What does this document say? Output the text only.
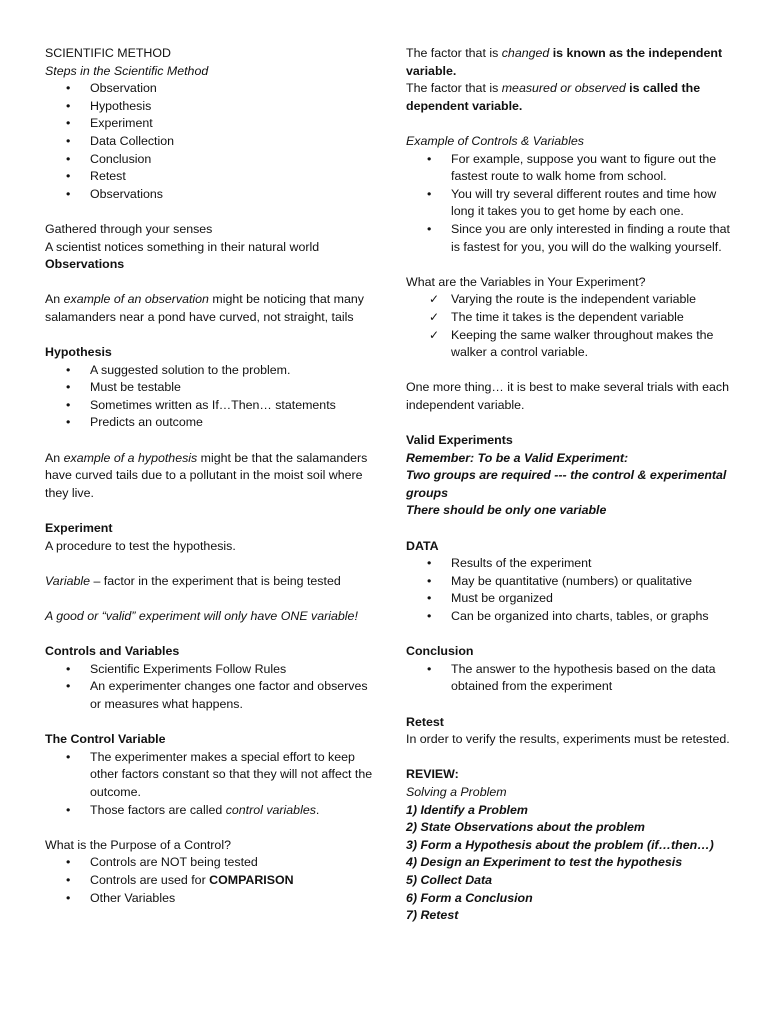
SCIENTIFIC METHOD

Steps in the Scientific Method

• Observation
• Hypothesis
• Experiment
• Data Collection
• Conclusion
• Retest
• Observations

Gathered through your senses

A scientist notices something in their natural world

Observations

An example of an observation might be noticing that many salamanders near a pond have curved, not straight, tails

Hypothesis

• A suggested solution to the problem.
• Must be testable
• Sometimes written as If…Then… statements
• Predicts an outcome

An example of a hypothesis might be that the salamanders have curved tails due to a pollutant in the moist soil where they live.

Experiment

A procedure to test the hypothesis.

Variable – factor in the experiment that is being tested

A good or “valid” experiment will only have ONE variable!

Controls and Variables

• Scientific Experiments Follow Rules
• An experimenter changes one factor and observes or measures what happens.

The Control Variable

• The experimenter makes a special effort to keep other factors constant so that they will not affect the outcome.
• Those factors are called control variables.

What is the Purpose of a Control?

• Controls are NOT being tested
• Controls are used for COMPARISON
• Other Variables

The factor that is changed is known as the independent variable.

The factor that is measured or observed is called the dependent variable.

Example of Controls & Variables

• For example, suppose you want to figure out the fastest route to walk home from school.
• You will try several different routes and time how long it takes you to get home by each one.
• Since you are only interested in finding a route that is fastest for you, you will do the walking yourself.

What are the Variables in Your Experiment?

✓ Varying the route is the independent variable
✓ The time it takes is the dependent variable
✓ Keeping the same walker throughout makes the walker a control variable.

One more thing… it is best to make several trials with each independent variable.

Valid Experiments

Remember: To be a Valid Experiment:

Two groups are required --- the control & experimental groups

There should be only one variable

DATA

• Results of the experiment
• May be quantitative (numbers) or qualitative
• Must be organized
• Can be organized into charts, tables, or graphs

Conclusion

• The answer to the hypothesis based on the data obtained from the experiment

Retest

In order to verify the results, experiments must be retested.

REVIEW:

Solving a Problem

1) Identify a Problem

2) State Observations about the problem

3) Form a Hypothesis about the problem (if…then…)

4) Design an Experiment to test the hypothesis

5) Collect Data

6) Form a Conclusion

7) Retest
